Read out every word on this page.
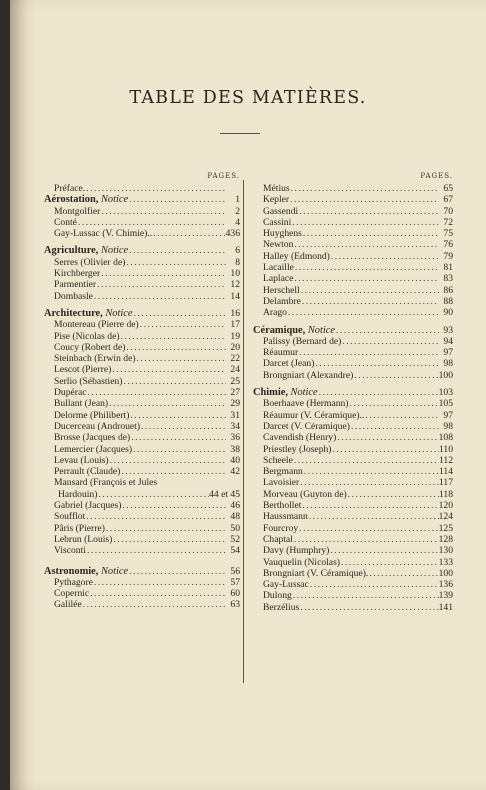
TABLE DES MATIÈRES.
PAGES.
Préface.
.....
Aérostation, Notice .....	1
Montgolfier .....	2
Conté .....	4
Gay-Lussac (V. Chimie).. .....	436
Agriculture, Notice .....	6
Serres (Olivier de) .....	8
Kirchberger .....	10
Parmentier .....	12
Dombasle .....	14
Architecture, Notice .....	16
Montereau (Pierre de) .....	17
Pise (Nicolas de) .....	19
Coucy (Robert de) .....	20
Steinbach (Erwin de) .....	22
Lescot (Pierre) .....	24
Serlio (Sébastien) .....	25
Dupérac .....	27
Bullant (Jean) .....	29
Delorme (Philibert) .....	31
Ducerceau (Androuet) .....	34
Brosse (Jacques de) .....	36
Lemercier (Jacques) .....	38
Levau (Louis) .....	40
Perrault (Claude) .....	42
Mansard (François et Jules
Hardouin) .....	44 et 45
Gabriel (Jacques) .....	46
Soufflot .....	48
Pâris (Pierre) .....	50
Lebrun (Louis) .....	52
Visconti .....	54
Astronomie, Notice .....	56
Pythagore .....	57
Copernic .....	60
Galilée .....	63
PAGES.
Métius .....	65
Kepler .....	67
Gassendi .....	70
Cassini .....	72
Huyghens .....	75
Newton .....	76
Halley (Edmond) .....	79
Lacaille .....	81
Laplace .....	83
Herschell .....	86
Delambre .....	88
Arago .....	90
Céramique, Notice .....	93
Palissy (Bernard de) .....	94
Réaumur .....	97
Darcet (Jean) .....	98
Brongniart (Alexandre) .....	100
Chimie, Notice .....	103
Boerhaave (Hermann) .....	105
Réaumur (V. Céramique).. .....	97
Darcet (V. Céramique) .....	98
Cavendish (Henry) .....	108
Priestley (Joseph) .....	110
Scheele .....	112
Bergmann .....	114
Lavoisier .....	117
Morveau (Guyton de) .....	118
Berthollet .....	120
Haussmann .....	124
Fourcroy .....	125
Chaptal .....	128
Davy (Humphry) .....	130
Vauquelin (Nicolas) .....	133
Brongniart (V. Céramique). .....	100
Gay-Lussac .....	136
Dulong .....	139
Berzélius .....	141
